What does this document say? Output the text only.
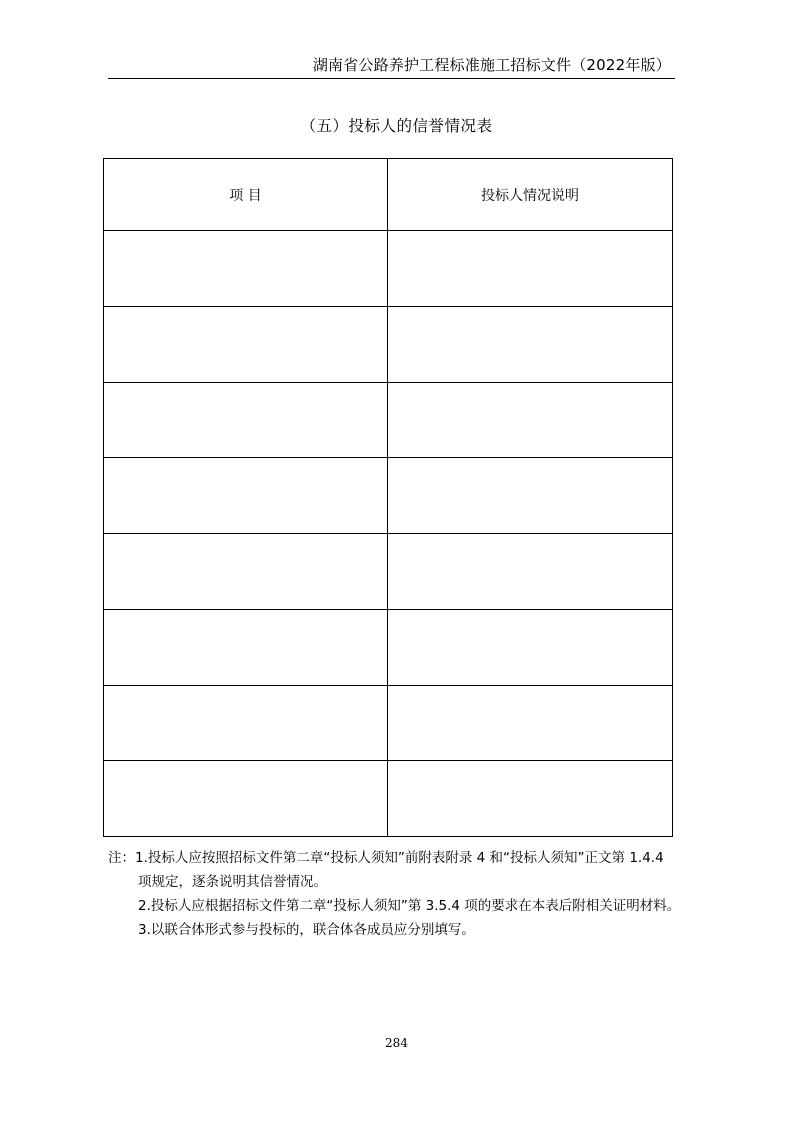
湖南省公路养护工程标准施工招标文件（2022年版）
（五）投标人的信誉情况表
项 目	投标人情况说明

注：1.投标人应按照招标文件第二章“投标人须知”前附表附录 4 和“投标人须知”正文第 1.4.4
项规定，逐条说明其信誉情况。
2.投标人应根据招标文件第二章“投标人须知”第 3.5.4 项的要求在本表后附相关证明材料。
3.以联合体形式参与投标的，联合体各成员应分别填写。
284
